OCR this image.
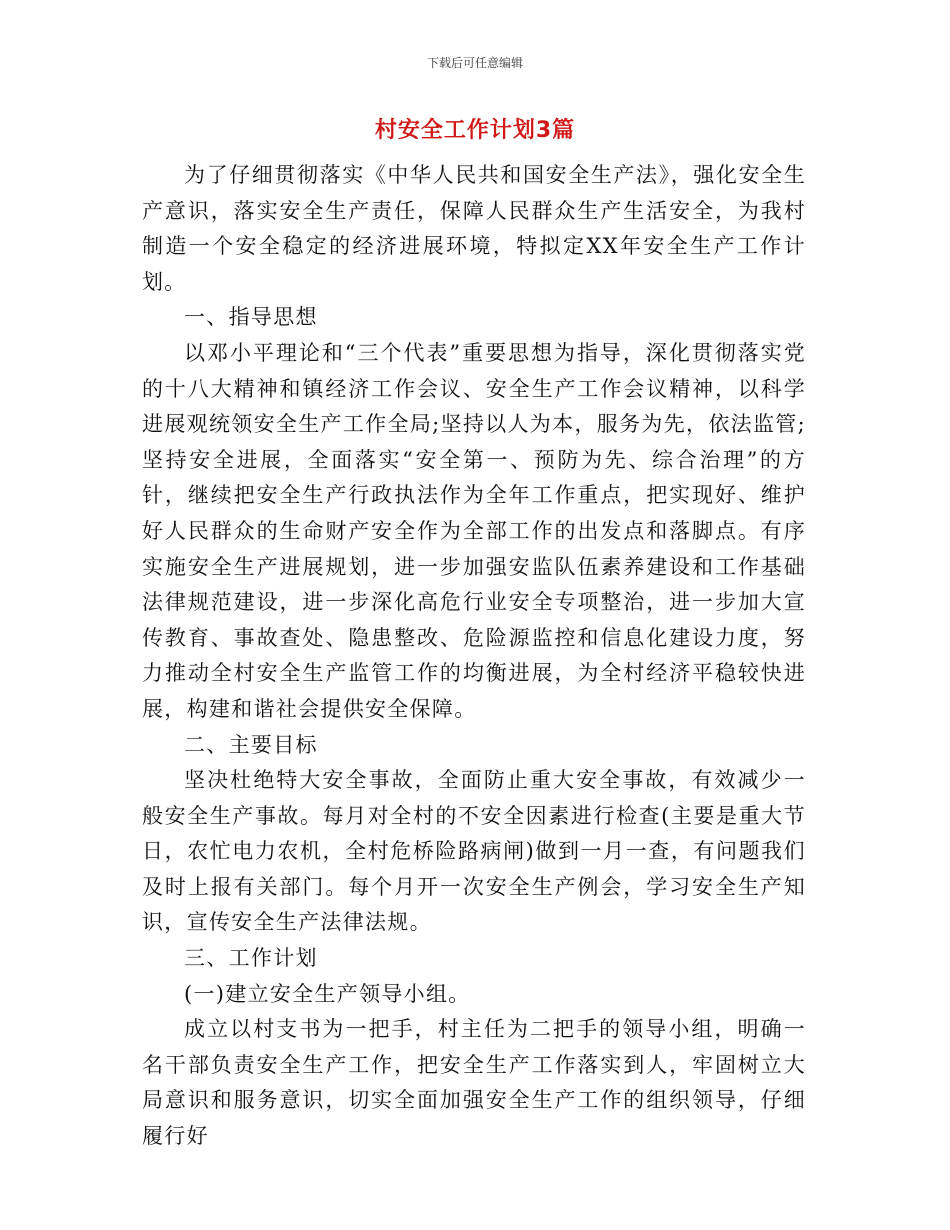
下载后可任意编辑
村安全工作计划3篇

为了仔细贯彻落实《中华人民共和国安全生产法》，强化安全生产意识，落实安全生产责任，保障人民群众生产生活安全，为我村制造一个安全稳定的经济进展环境，特拟定XX年安全生产工作计划。

一、指导思想

以邓小平理论和“三个代表”重要思想为指导，深化贯彻落实党的十八大精神和镇经济工作会议、安全生产工作会议精神，以科学进展观统领安全生产工作全局;坚持以人为本，服务为先，依法监管;坚持安全进展，全面落实“安全第一、预防为先、综合治理”的方针，继续把安全生产行政执法作为全年工作重点，把实现好、维护好人民群众的生命财产安全作为全部工作的出发点和落脚点。有序实施安全生产进展规划，进一步加强安监队伍素养建设和工作基础法律规范建设，进一步深化高危行业安全专项整治，进一步加大宣传教育、事故查处、隐患整改、危险源监控和信息化建设力度，努力推动全村安全生产监管工作的均衡进展，为全村经济平稳较快进展，构建和谐社会提供安全保障。

二、主要目标

坚决杜绝特大安全事故，全面防止重大安全事故，有效减少一般安全生产事故。每月对全村的不安全因素进行检查(主要是重大节日，农忙电力农机，全村危桥险路病闸)做到一月一查，有问题我们及时上报有关部门。每个月开一次安全生产例会，学习安全生产知识，宣传安全生产法律法规。

三、工作计划

(一)建立安全生产领导小组。

成立以村支书为一把手，村主任为二把手的领导小组，明确一名干部负责安全生产工作，把安全生产工作落实到人，牢固树立大局意识和服务意识，切实全面加强安全生产工作的组织领导，仔细履行好
